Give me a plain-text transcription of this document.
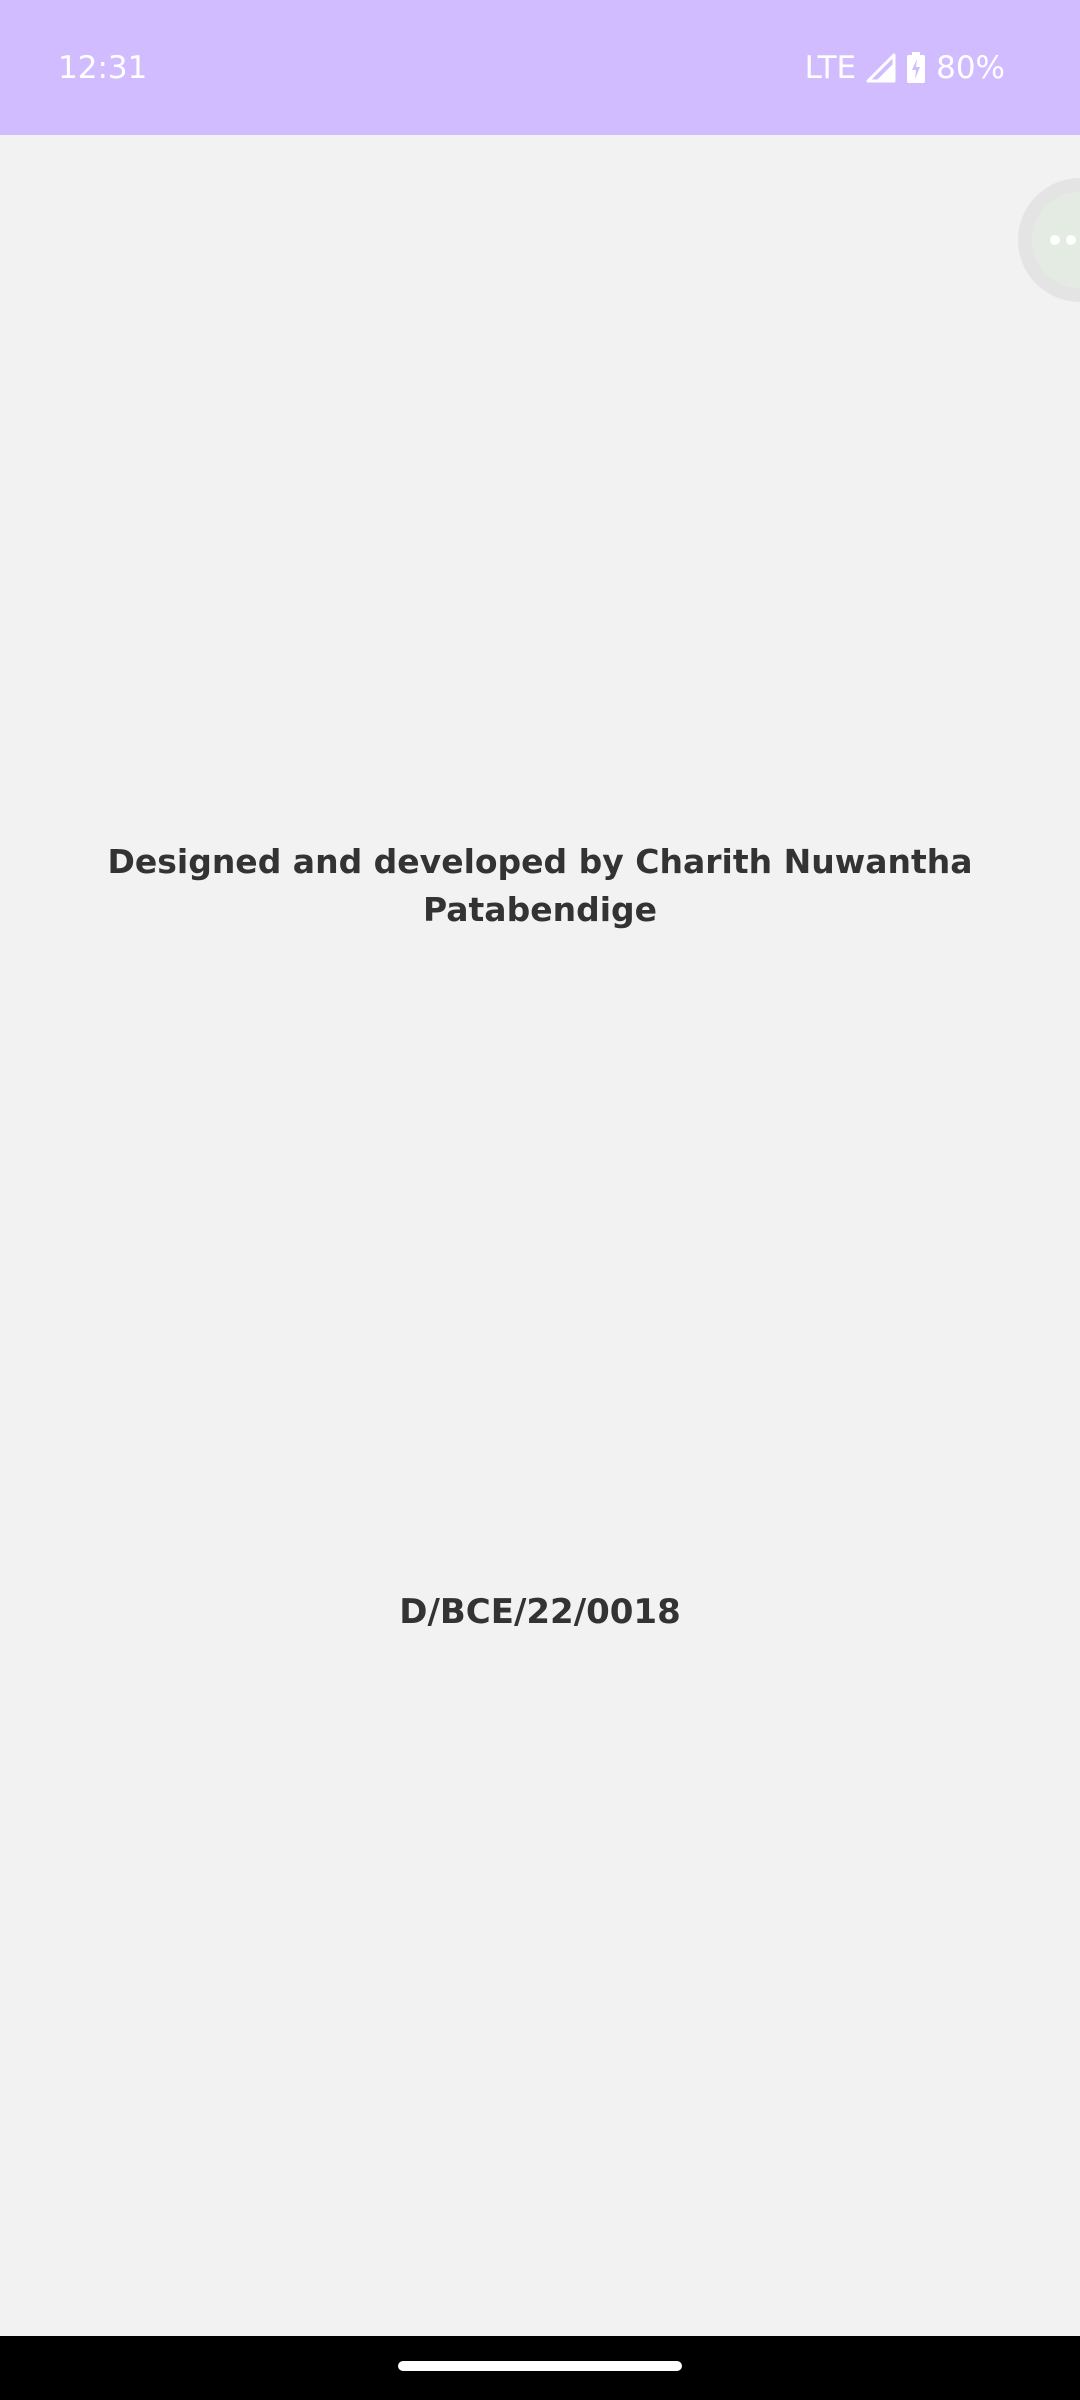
12:31	LTE	80%
Designed and developed by Charith Nuwantha Patabendige
D/BCE/22/0018
